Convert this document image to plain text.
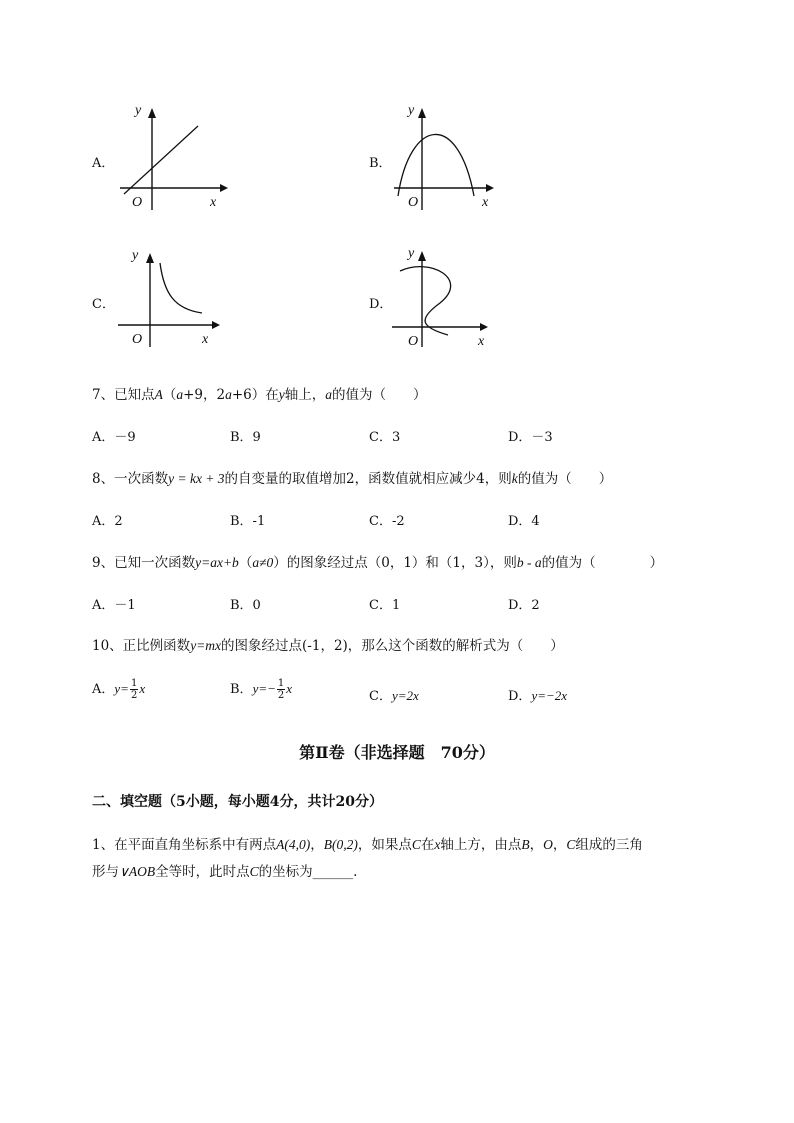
A．
y
x
O
B．
y
x
O
C．
y
x
O
D．
y
x
O
7、已知点A（a+9，2a+6）在y轴上，a的值为（　　）
A．－9	B．9	C．3	D．－3
8、一次函数y = kx + 3的自变量的取值增加2，函数值就相应减少4，则k的值为（　　）
A．2	B．-1	C．-2	D．4
9、已知一次函数y=ax+b（a≠0）的图象经过点（0，1）和（1，3），则b - a的值为（　　　　）
A．－1	B．0	C．1	D．2
10、正比例函数y=mx的图象经过点(-1，2)，那么这个函数的解析式为（　　）
A．$y= \frac{1}{2}$ x	B．$y=- \frac{1}{2}$ x
C．y=2x	D．y=−2x
第Ⅱ卷（非选择题　70分）
二、填空题（5小题，每小题4分，共计20分）
1、在平面直角坐标系中有两点A(4,0)，B(0,2)，如果点C在x轴上方，由点B，O，C组成的三角
形与∨AOB全等时，此时点C的坐标为______.
